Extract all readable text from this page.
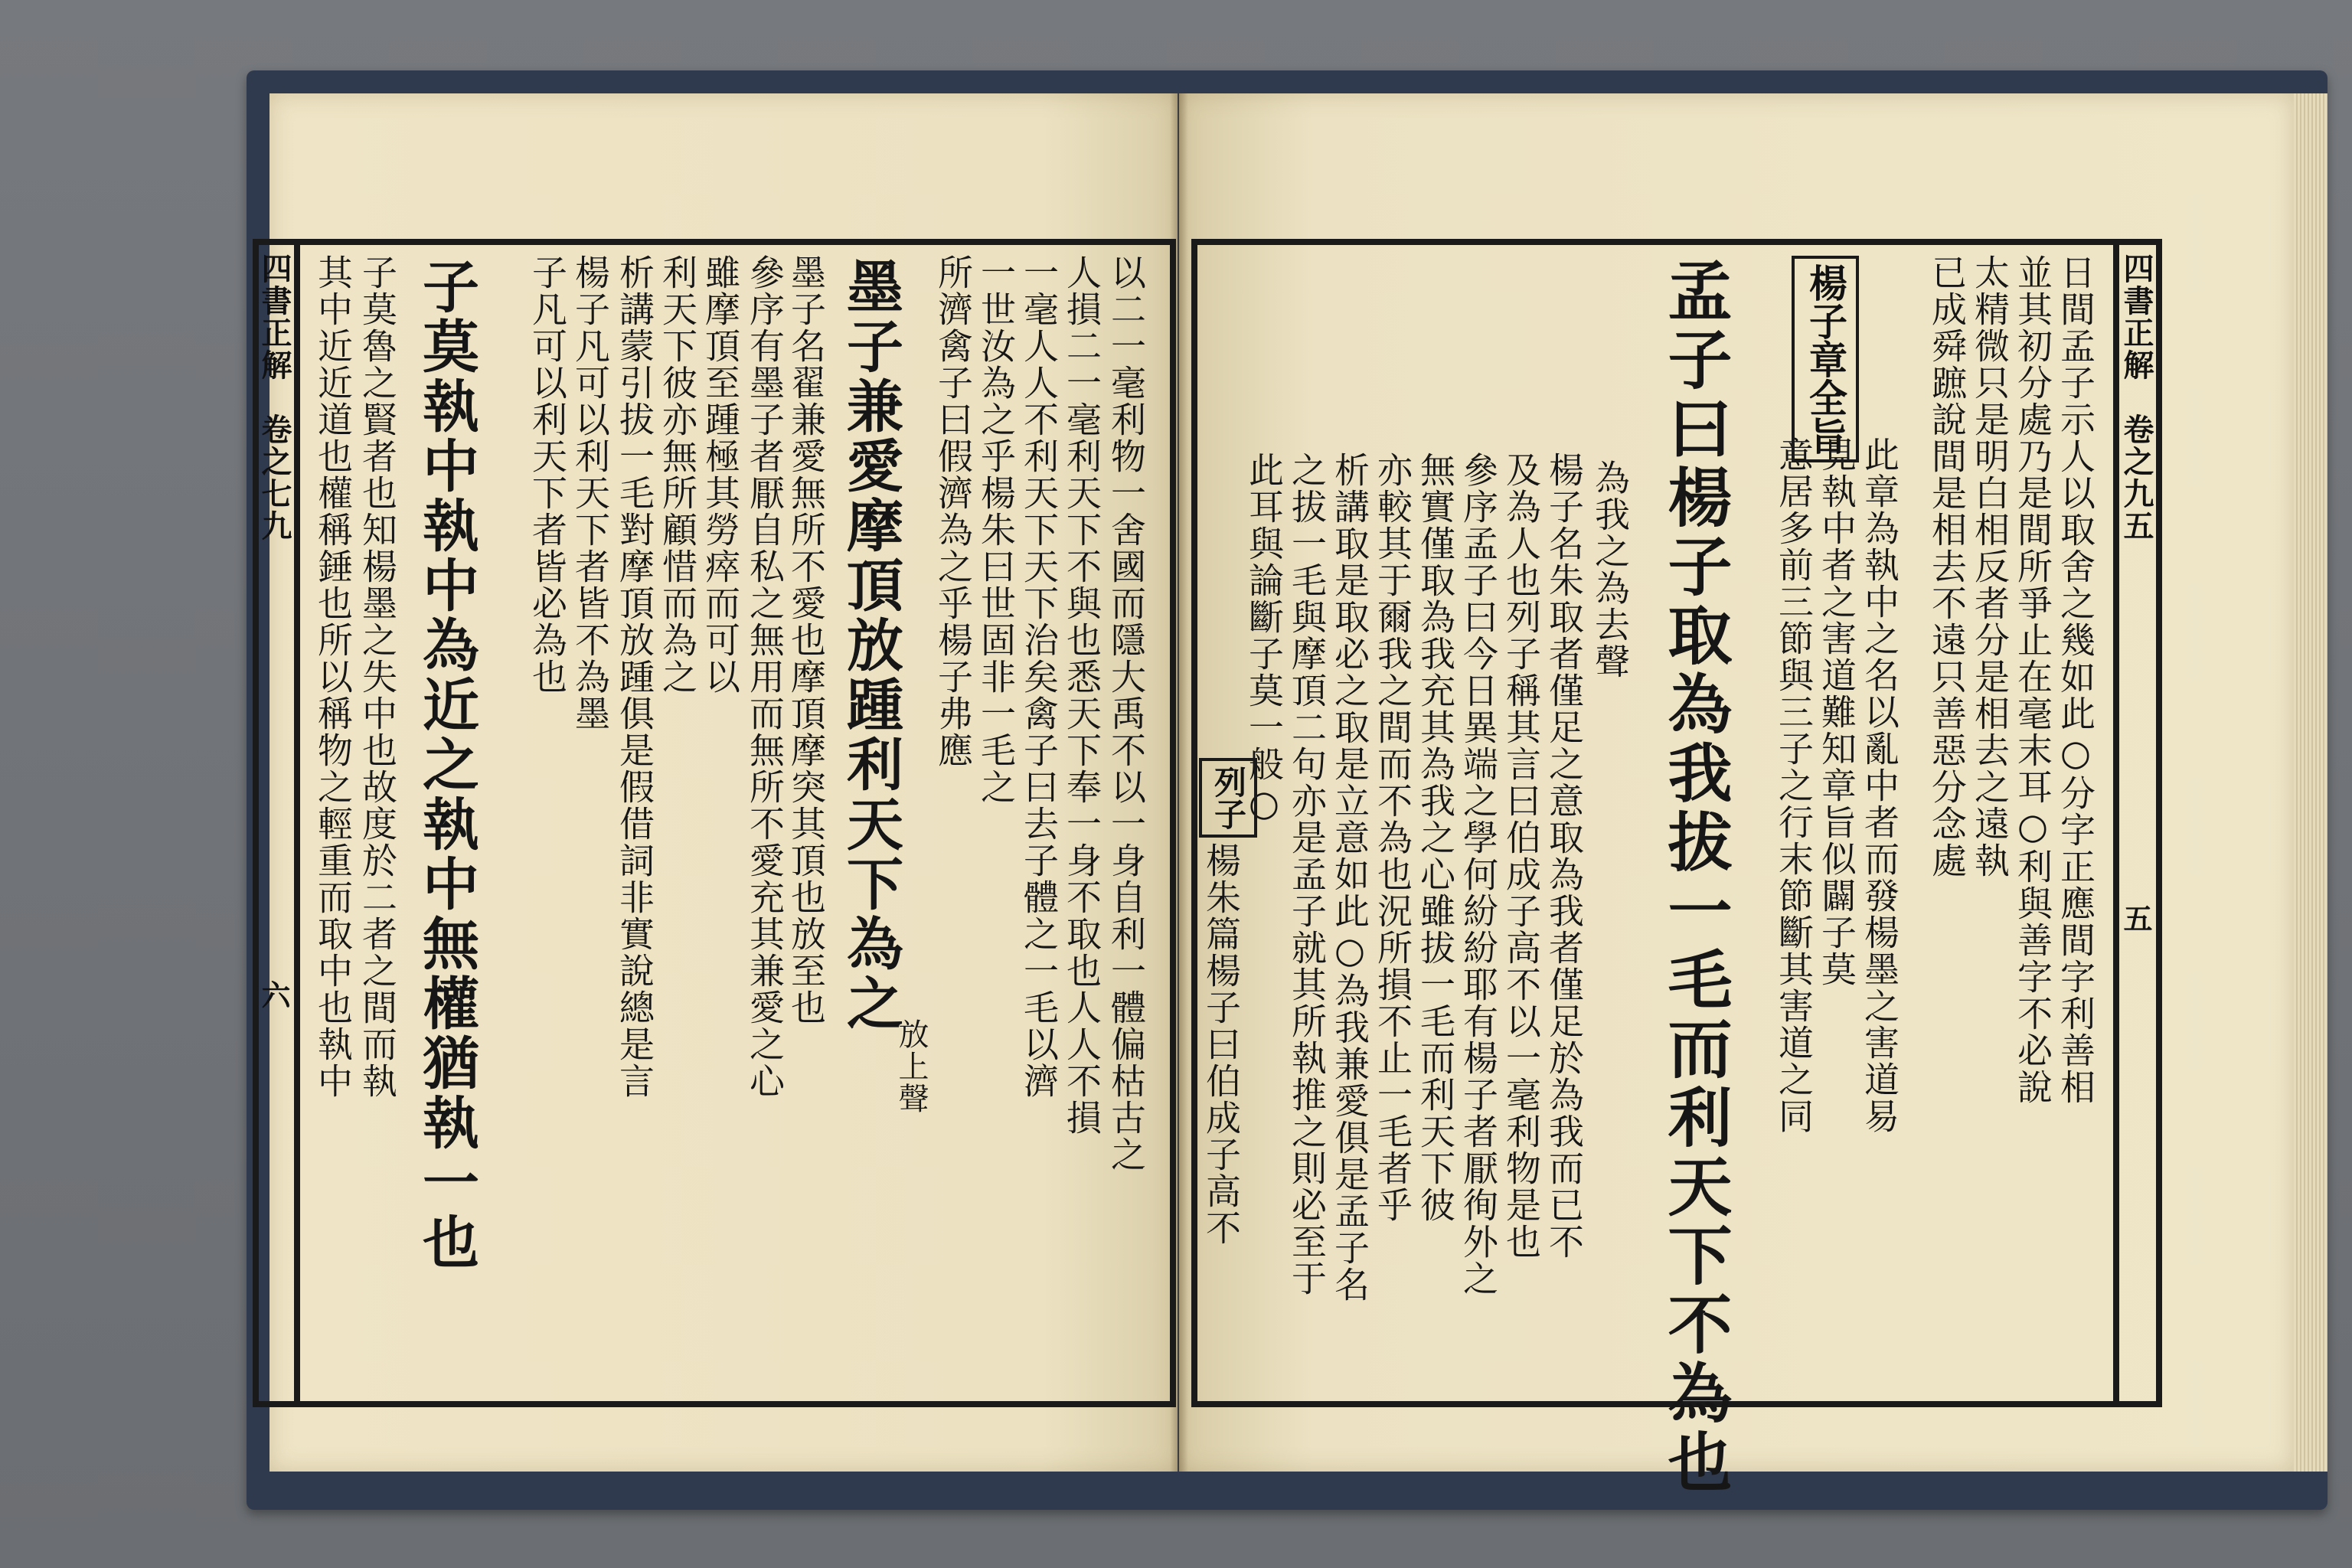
四書正解　卷之七九
六	以二一毫利物一舍國而隱大禹不以一身自利一體偏枯古之
人損二一毫利天下不與也悉天下奉一身不取也人人不損
一毫人人不利天下天下治矣禽子曰去子體之一毛以濟
一世汝為之乎楊朱曰世固非一毛之
所濟禽子曰假濟為之乎楊子弗應
墨子兼愛摩頂放踵利天下為之
放上聲
墨子名翟兼愛無所不愛也摩頂摩突其頂也放至也
參序有墨子者厭自私之無用而無所不愛充其兼愛之心
雖摩頂至踵極其勞瘁而可以
利天下彼亦無所顧惜而為之
析講蒙引拔一毛對摩頂放踵俱是假借詞非實說總是言
楊子凡可以利天下者皆不為墨
子凡可以利天下者皆必為也
子莫執中執中為近之執中無權猶執一也
子莫魯之賢者也知楊墨之失中也故度於二者之間而執
其中近近道也權稱錘也所以稱物之輕重而取中也執中	四書正解　卷之九五
五
日間孟子示人以取舍之幾如此○分字正應間字利善相
並其初分處乃是間所爭止在毫末耳○利與善字不必說
太精微只是明白相反者分是相去之遠執
已成舜蹠說間是相去不遠只善惡分念處
此章為執中之名以亂中者而發楊墨之害道易
見執中者之害道難知章旨似闢子莫
意居多前三節與三子之行末節斷其害道之同
楊子章全旨
孟子曰楊子取為我拔一毛而利天下不為也
為我之為去聲
楊子名朱取者僅足之意取為我者僅足於為我而已不
及為人也列子稱其言曰伯成子高不以一毫利物是也
參序孟子曰今日異端之學何紛紛耶有楊子者厭徇外之
無實僅取為我充其為我之心雖拔一毛而利天下彼
亦較其于爾我之間而不為也況所損不止一毛者乎
析講取是取必之取是立意如此○為我兼愛俱是孟子名
之拔一毛與摩頂二句亦是孟子就其所執推之則必至于
此耳與論斷子莫一般○
楊朱篇楊子曰伯成子高不
列子
